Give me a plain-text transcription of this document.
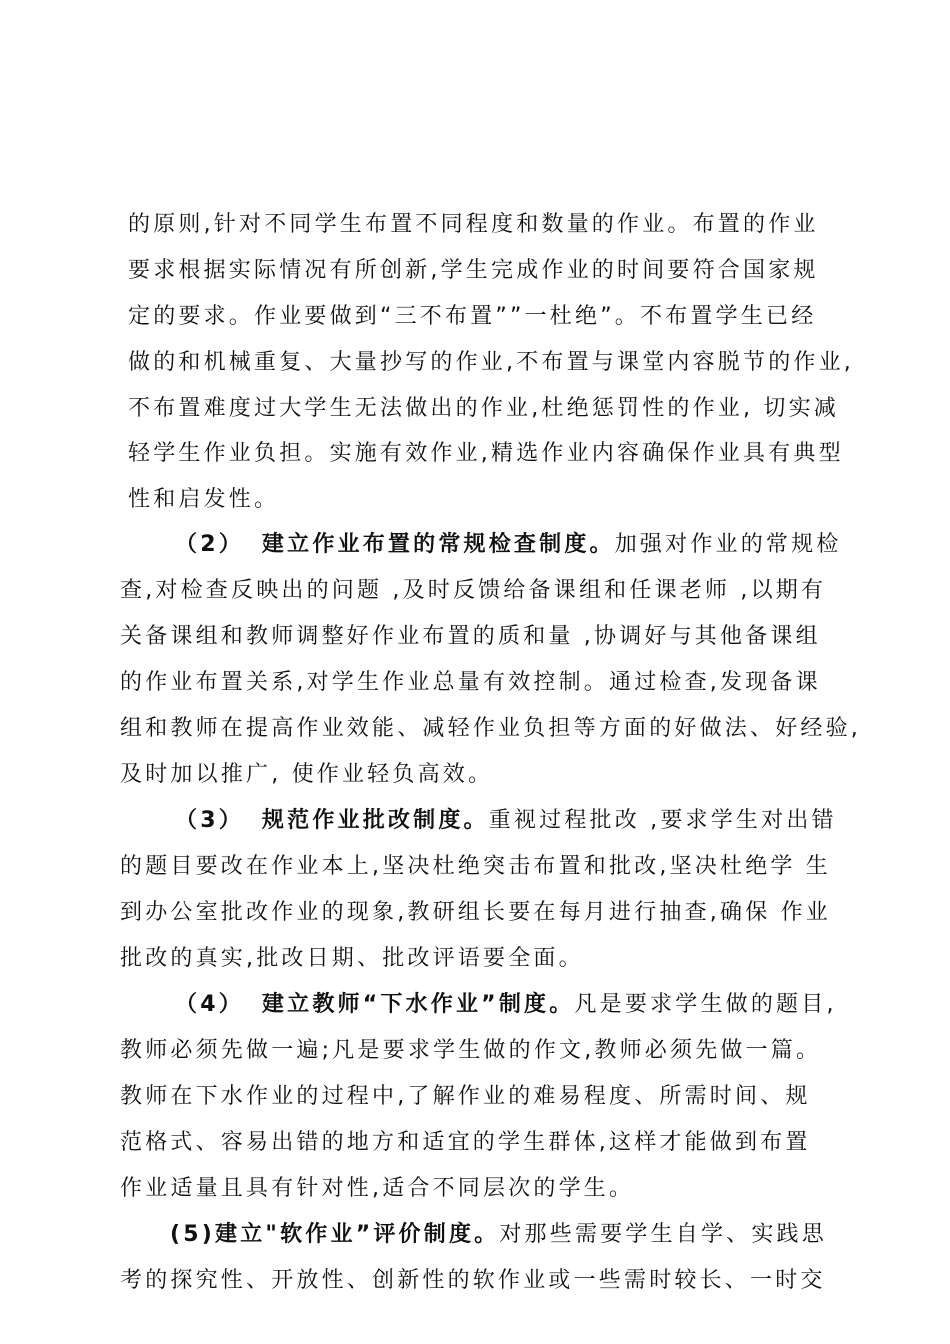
的原则,针对不同学生布置不同程度和数量的作业。布置的作业
要求根据实际情况有所创新,学生完成作业的时间要符合国家规
定的要求。作业要做到“三不布置””一杜绝”。不布置学生已经
做的和机械重复、大量抄写的作业,不布置与课堂内容脱节的作业,
不布置难度过大学生无法做出的作业,杜绝惩罚性的作业, 切实减
轻学生作业负担。实施有效作业,精选作业内容确保作业具有典型
性和启发性。
（2） 建立作业布置的常规检查制度。加强对作业的常规检
查,对检查反映出的问题 ,及时反馈给备课组和任课老师 ,以期有
关备课组和教师调整好作业布置的质和量 ,协调好与其他备课组
的作业布置关系,对学生作业总量有效控制。通过检查,发现备课
组和教师在提高作业效能、减轻作业负担等方面的好做法、好经验,
及时加以推广, 使作业轻负高效。
（3） 规范作业批改制度。重视过程批改 ,要求学生对出错
的题目要改在作业本上,坚决杜绝突击布置和批改,坚决杜绝学 生
到办公室批改作业的现象,教研组长要在每月进行抽查,确保 作业
批改的真实,批改日期、批改评语要全面。
（4） 建立教师“下水作业”制度。凡是要求学生做的题目,
教师必须先做一遍;凡是要求学生做的作文,教师必须先做一篇。
教师在下水作业的过程中,了解作业的难易程度、所需时间、规
范格式、容易出错的地方和适宜的学生群体,这样才能做到布置
作业适量且具有针对性,适合不同层次的学生。
(5)建立"软作业”评价制度。对那些需要学生自学、实践思
考的探究性、开放性、创新性的软作业或一些需时较长、一时交
